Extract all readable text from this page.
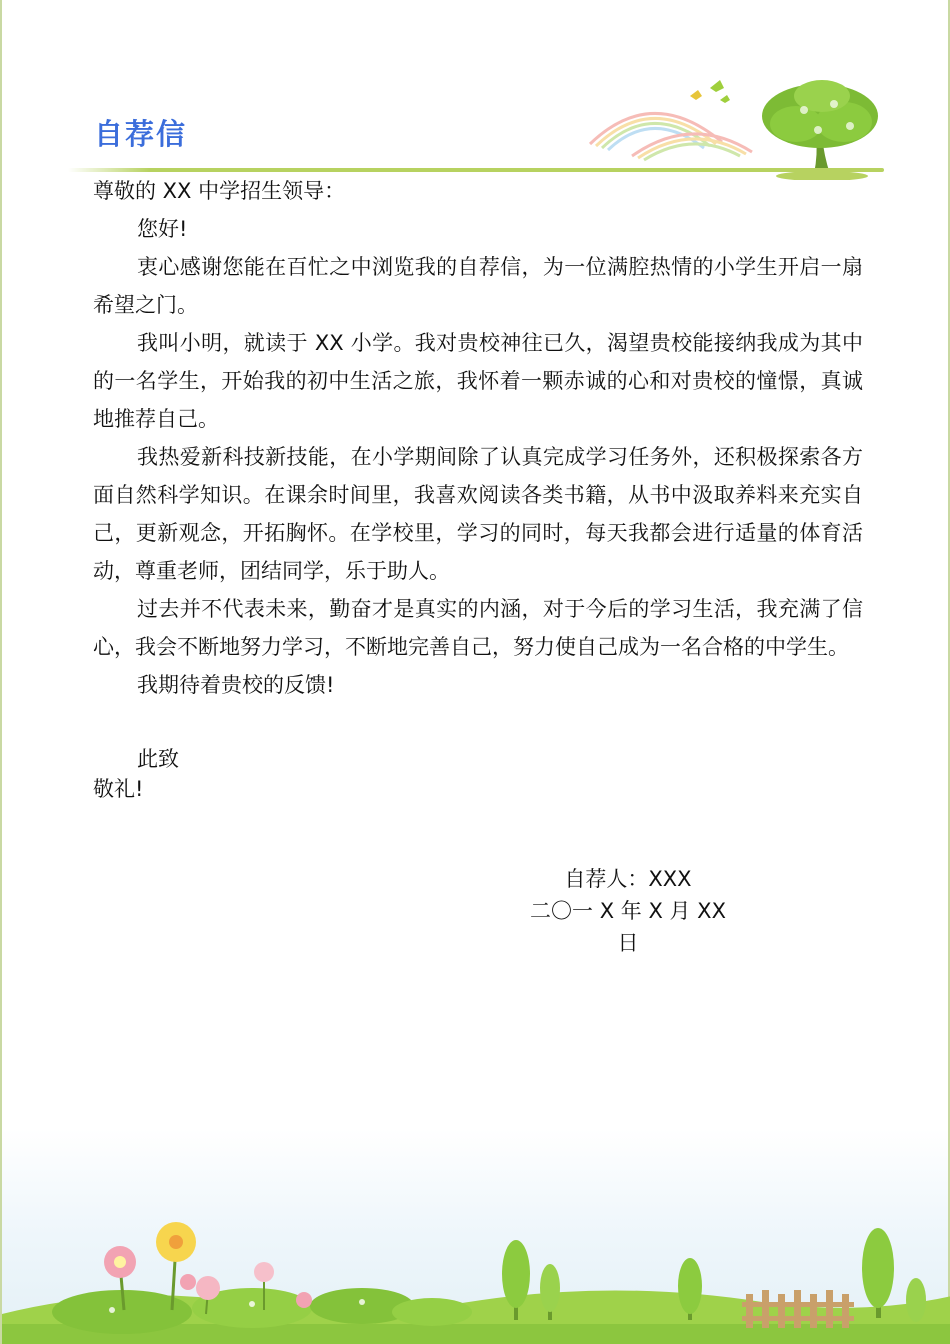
自荐信

尊敬的 XX 中学招生领导：

您好!

衷心感谢您能在百忙之中浏览我的自荐信，为一位满腔热情的小学生开启一扇希望之门。

我叫小明，就读于 XX 小学。我对贵校神往已久，渴望贵校能接纳我成为其中的一名学生，开始我的初中生活之旅，我怀着一颗赤诚的心和对贵校的憧憬，真诚地推荐自己。

我热爱新科技新技能，在小学期间除了认真完成学习任务外，还积极探索各方面自然科学知识。在课余时间里，我喜欢阅读各类书籍，从书中汲取养料来充实自己，更新观念，开拓胸怀。在学校里，学习的同时，每天我都会进行适量的体育活动，尊重老师，团结同学，乐于助人。

过去并不代表未来，勤奋才是真实的内涵，对于今后的学习生活，我充满了信心，我会不断地努力学习，不断地完善自己，努力使自己成为一名合格的中学生。

我期待着贵校的反馈!

此致

敬礼!

自荐人：XXX
二〇一 X 年 X 月 XX 日
